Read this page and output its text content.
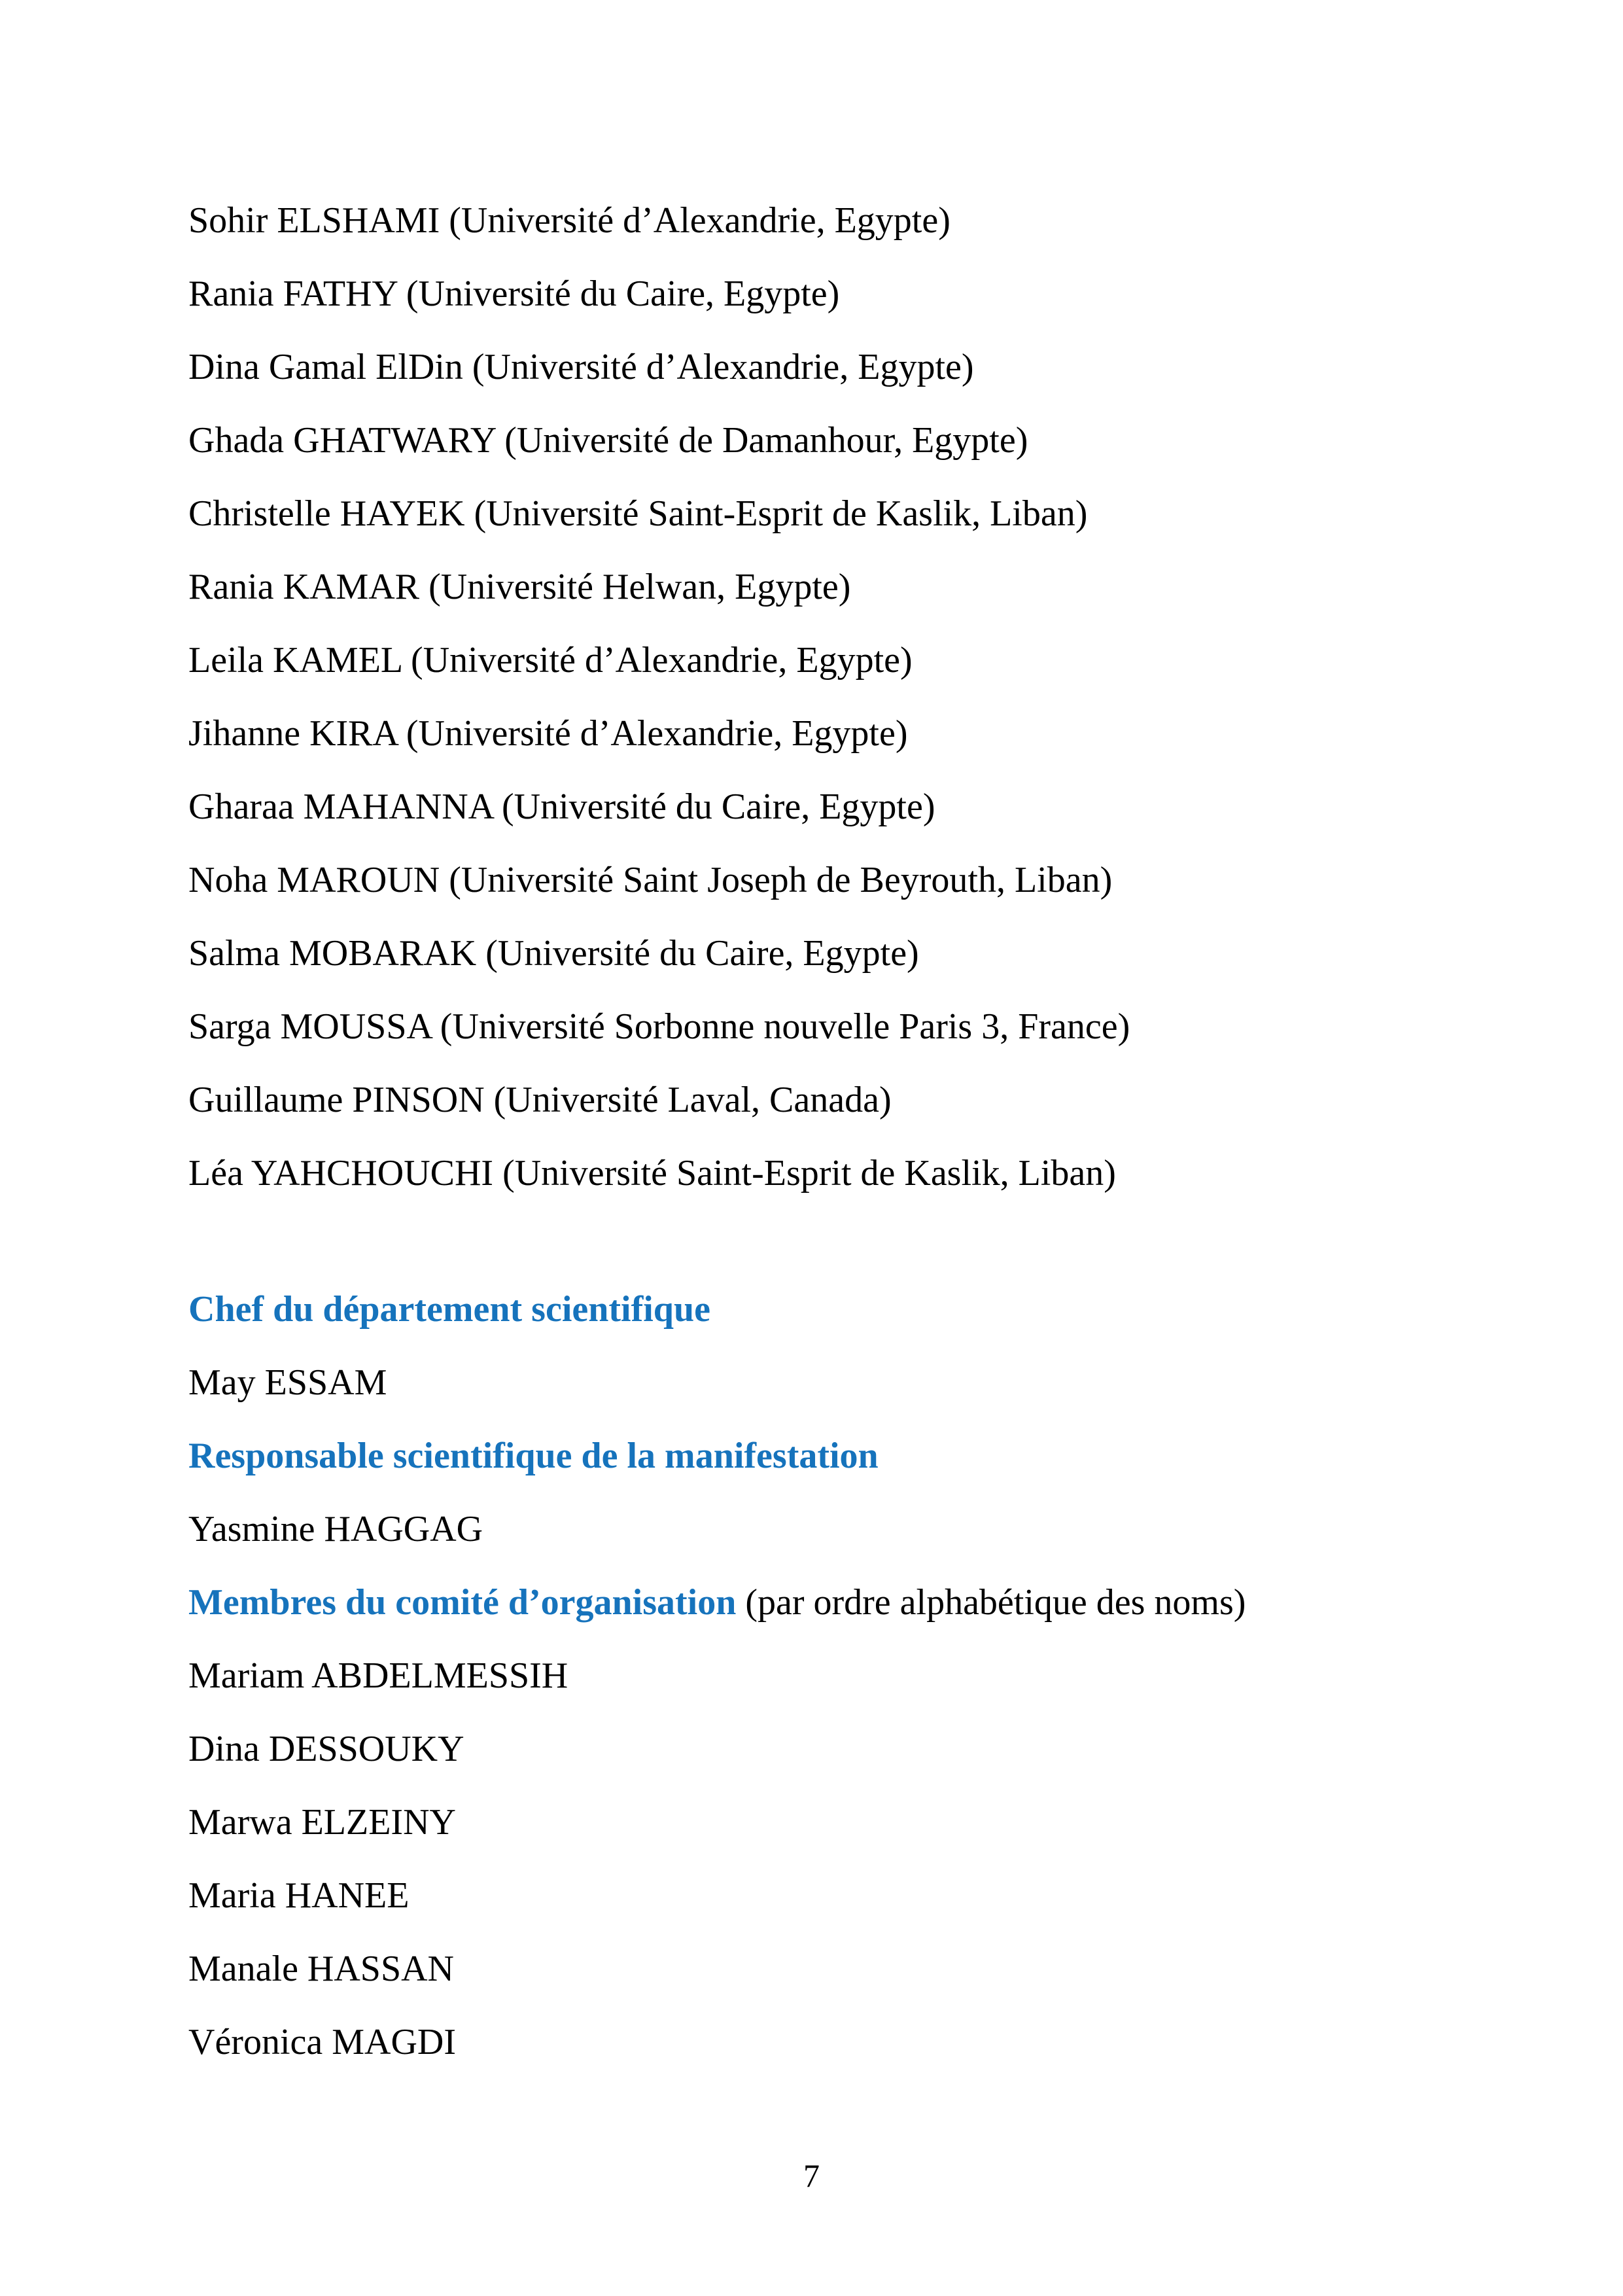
Sohir ELSHAMI (Université d’Alexandrie, Egypte)

Rania FATHY (Université du Caire, Egypte)

Dina Gamal ElDin (Université d’Alexandrie, Egypte)

Ghada GHATWARY (Université de Damanhour, Egypte)

Christelle HAYEK (Université Saint-Esprit de Kaslik, Liban)

Rania KAMAR (Université Helwan, Egypte)

Leila KAMEL (Université d’Alexandrie, Egypte)

Jihanne KIRA (Université d’Alexandrie, Egypte)

Gharaa MAHANNA (Université du Caire, Egypte)

Noha MAROUN (Université Saint Joseph de Beyrouth, Liban)

Salma MOBARAK (Université du Caire, Egypte)

Sarga MOUSSA (Université Sorbonne nouvelle Paris 3, France)

Guillaume PINSON (Université Laval, Canada)

Léa YAHCHOUCHI (Université Saint-Esprit de Kaslik, Liban)

Chef du département scientifique

May ESSAM

Responsable scientifique de la manifestation

Yasmine HAGGAG

Membres du comité d’organisation (par ordre alphabétique des noms)

Mariam ABDELMESSIH

Dina DESSOUKY

Marwa ELZEINY

Maria HANEE

Manale HASSAN

Véronica MAGDI

7
